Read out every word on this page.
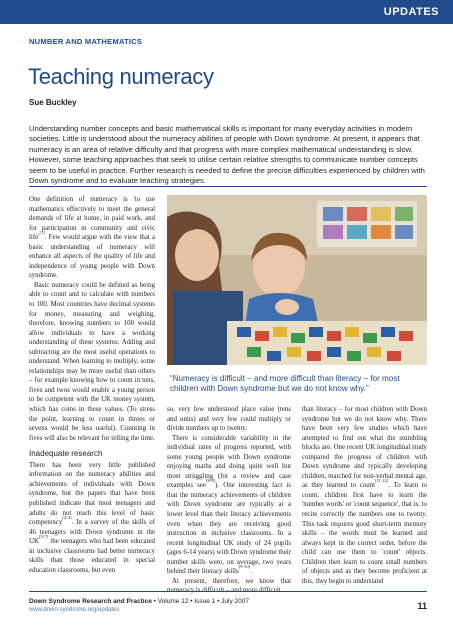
UPDATES
NUMBER AND MATHEMATICS
Teaching numeracy
Sue Buckley

Understanding number concepts and basic mathematical skills is important for many everyday activities in modern societies. Little is understood about the numeracy abilities of people with Down syndrome. At present, it appears that numeracy is an area of relative difficulty and that progress with more complex mathematical understanding is slow. However, some teaching approaches that seek to utilise certain relative strengths to communicate number concepts seem to be useful in practice. Further research is needed to define the precise difficulties experienced by children with Down syndrome and to evaluate teaching strategies.

One definition of numeracy is 'to use mathematics effectively to meet the general demands of life at home, in paid work, and for participation in community and civic life'[1]. Few would argue with the view that a basic understanding of numeracy will enhance all aspects of the quality of life and independence of young people with Down syndrome.

Basic numeracy could be defined as being able to count and to calculate with numbers to 100. Most countries have decimal systems for money, measuring and weighing, therefore, knowing numbers to 100 would allow individuals to have a working understanding of these systems. Adding and subtracting are the most useful operations to understand. When learning to multiply, some relationships may be more useful than others – for example knowing how to count in tens, fives and twos would enable a young person to be competent with the UK money system, which has coins in these values. (To stress the point, learning to count in threes or sevens would be less useful). Counting in fives will also be relevant for telling the time.

Inadequate research

There has been very little published information on the numeracy abilities and achievements of individuals with Down syndrome, but the papers that have been published indicate that most teenagers and adults do not reach this level of basic competency[2-4]. In a survey of the skills of 46 teenagers with Down syndrome in the UK[5-7] the teenagers who had been educated in inclusive classrooms had better numeracy skills than those educated in special education classrooms, but even

“Numeracy is difficult – and more difficult than literacy – for most children with Down syndrome but we do not know why.”

so, very few understood place value (tens and units) and very few could multiply or divide numbers up to twenty.

There is considerable variability in the individual rates of progress reported, with some young people with Down syndrome enjoying maths and doing quite well but most struggling (for a review and case examples see[8-9]). One interesting fact is that the numeracy achievements of children with Down syndrome are typically at a lower level than their literacy achievements even when they are receiving good instruction in inclusive classrooms. In a recent longitudinal UK study of 24 pupils (ages 6-14 years) with Down syndrome their number skills were, on average, two years behind their literacy skills[9-10].

At present, therefore, we know that numeracy is difficult – and more difficult

than literacy – for most children with Down syndrome but we do not know why. There have been very few studies which have attempted to find out what the stumbling blocks are. One recent UK longitudinal study compared the progress of children with Down syndrome and typically developing children, matched for non-verbal mental age, as they learned to count[11,12]. To learn to count, children first have to learn the 'number words' or 'count sequence', that is, to recite correctly the numbers one to twenty. This task requires good short-term memory skills – the words must be learned and always kept in the correct order, before the child can use them to 'count' objects. Children then learn to count small numbers of objects and as they become proficient at this, they begin to understand

Down Syndrome Research and Practice • Volume 12 • Issue 1 • July 2007
www.down-syndrome.org/updates	11
